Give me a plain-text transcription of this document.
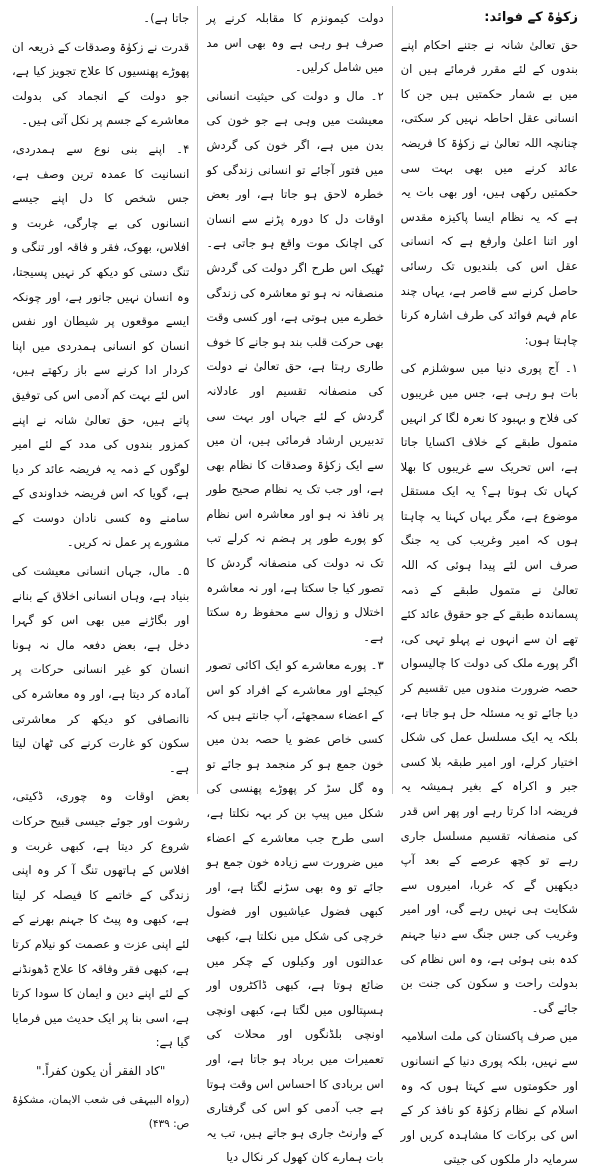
زکوٰۃ کے فوائد:

حق تعالیٰ شانہ نے جتنے احکام اپنے بندوں کے لئے مقرر فرمائے ہیں ان میں بے شمار حکمتیں ہیں جن کا انسانی عقل احاطہ نہیں کر سکتی، چنانچہ اللہ تعالیٰ نے زکوٰۃ کا فریضہ عائد کرنے میں بھی بہت سی حکمتیں رکھی ہیں، اور بھی بات یہ ہے کہ یہ نظام ایسا پاکیزہ مقدس اور اتنا اعلیٰ وارفع ہے کہ انسانی عقل اس کی بلندیوں تک رسائی حاصل کرنے سے قاصر ہے، یہاں چند عام فہم فوائد کی طرف اشارہ کرنا چاہتا ہوں:

۱۔ آج پوری دنیا میں سوشلزم کی بات ہو رہی ہے، جس میں غریبوں کی فلاح و بہبود کا نعرہ لگا کر انہیں متمول طبقے کے خلاف اکسایا جاتا ہے، اس تحریک سے غریبوں کا بھلا کہاں تک ہوتا ہے؟ یہ ایک مستقل موضوع ہے، مگر یہاں کہنا یہ چاہتا ہوں کہ امیر وغریب کی یہ جنگ صرف اس لئے پیدا ہوئی کہ اللہ تعالیٰ نے متمول طبقے کے ذمہ پسماندہ طبقے کے جو حقوق عائد کئے تھے ان سے انہوں نے پہلو تہی کی، اگر پورے ملک کی دولت کا چالیسواں حصہ ضرورت مندوں میں تقسیم کر دیا جائے تو یہ مسئلہ حل ہو جاتا ہے، بلکہ یہ ایک مسلسل عمل کی شکل اختیار کرلے، اور امیر طبقہ بلا کسی جبر و اکراہ کے بغیر ہمیشہ یہ فریضہ ادا کرتا رہے اور پھر اس قدر کی منصفانہ تقسیم مسلسل جاری رہے تو کچھ عرصے کے بعد آپ دیکھیں گے کہ غربا، امیروں سے شکایت ہی نہیں رہے گی، اور امیر وغریب کی جس جنگ سے دنیا جہنم کدہ بنی ہوئی ہے، وہ اس نظام کی بدولت راحت و سکون کی جنت بن جائے گی۔

میں صرف پاکستان کی ملت اسلامیہ سے نہیں، بلکہ پوری دنیا کے انسانوں اور حکومتوں سے کہتا ہوں کہ وہ اسلام کے نظام زکوٰۃ کو نافذ کر کے اس کی برکات کا مشاہدہ کریں اور سرمایہ دار ملکوں کی جیتی

دولت کیمونزم کا مقابلہ کرنے پر صرف ہو رہی ہے وہ بھی اس مد میں شامل کرلیں۔

۲۔ مال و دولت کی حیثیت انسانی معیشت میں وہی ہے جو خون کی بدن میں ہے، اگر خون کی گردش میں فتور آجائے تو انسانی زندگی کو خطرہ لاحق ہو جاتا ہے، اور بعض اوقات دل کا دورہ پڑنے سے انسان کی اچانک موت واقع ہو جاتی ہے۔ ٹھیک اس طرح اگر دولت کی گردش منصفانہ نہ ہو تو معاشرہ کی زندگی خطرے میں ہوتی ہے، اور کسی وقت بھی حرکت قلب بند ہو جانے کا خوف طاری رہتا ہے، حق تعالیٰ نے دولت کی منصفانہ تقسیم اور عادلانہ گردش کے لئے جہاں اور بہت سی تدبیریں ارشاد فرمائی ہیں، ان میں سے ایک زکوٰۃ وصدقات کا نظام بھی ہے، اور جب تک یہ نظام صحیح طور پر نافذ نہ ہو اور معاشرہ اس نظام کو پورے طور پر ہضم نہ کرلے تب تک نہ دولت کی منصفانہ گردش کا تصور کیا جا سکتا ہے، اور نہ معاشرہ اختلال و زوال سے محفوظ رہ سکتا ہے۔

۳۔ پورے معاشرے کو ایک اکائی تصور کیجئے اور معاشرے کے افراد کو اس کے اعضاء سمجھئے، آپ جانتے ہیں کہ کسی خاص عضو یا حصہ بدن میں خون جمع ہو کر منجمد ہو جائے تو وہ گل سڑ کر پھوڑے پھنسی کی شکل میں پیپ بن کر بہہ نکلتا ہے، اسی طرح جب معاشرے کے اعضاء میں ضرورت سے زیادہ خون جمع ہو جائے تو وہ بھی سڑنے لگتا ہے، اور کبھی فضول عیاشیوں اور فضول خرچی کی شکل میں نکلتا ہے، کبھی عدالتوں اور وکیلوں کے چکر میں ضائع ہوتا ہے، کبھی ڈاکٹروں اور ہسپتالوں میں لگتا ہے، کبھی اونچی اونچی بلڈنگوں اور محلات کی تعمیرات میں برباد ہو جاتا ہے، اور اس بربادی کا احساس اس وقت ہوتا ہے جب آدمی کو اس کی گرفتاری کے وارنٹ جاری ہو جاتے ہیں، تب یہ بات ہمارے کان کھول کر نکال دیا

جاتا ہے)۔

قدرت نے زکوٰۃ وصدقات کے ذریعہ ان پھوڑے پھنسیوں کا علاج تجویز کیا ہے، جو دولت کے انجماد کی بدولت معاشرے کے جسم پر نکل آتی ہیں۔

۴۔ اپنے بنی نوع سے ہمدردی، انسانیت کا عمدہ ترین وصف ہے، جس شخص کا دل اپنے جیسے انسانوں کی بے چارگی، غربت و افلاس، بھوک، فقر و فاقہ اور تنگی و تنگ دستی کو دیکھ کر نہیں پسیجتا، وہ انسان نہیں جانور ہے، اور چونکہ ایسے موقعوں پر شیطان اور نفس انسان کو انسانی ہمدردی میں اپنا کردار ادا کرنے سے باز رکھتے ہیں، اس لئے بہت کم آدمی اس کی توفیق پاتے ہیں، حق تعالیٰ شانہ نے اپنے کمزور بندوں کی مدد کے لئے امیر لوگوں کے ذمہ یہ فریضہ عائد کر دیا ہے، گویا کہ اس فریضہ خداوندی کے سامنے وہ کسی نادان دوست کے مشورے پر عمل نہ کریں۔

۵۔ مال، جہاں انسانی معیشت کی بنیاد ہے، وہاں انسانی اخلاق کے بنانے اور بگاڑنے میں بھی اس کو گہرا دخل ہے، بعض دفعہ مال نہ ہونا انسان کو غیر انسانی حرکات پر آمادہ کر دیتا ہے، اور وہ معاشرہ کی ناانصافی کو دیکھ کر معاشرتی سکون کو غارت کرنے کی ٹھان لیتا ہے۔

بعض اوقات وہ چوری، ڈکیتی، رشوت اور جوئے جیسی قبیح حرکات شروع کر دیتا ہے، کبھی غربت و افلاس کے ہاتھوں تنگ آ کر وہ اپنی زندگی کے خاتمے کا فیصلہ کر لیتا ہے، کبھی وہ پیٹ کا جہنم بھرنے کے لئے اپنی عزت و عصمت کو نیلام کرتا ہے، کبھی فقر وفاقہ کا علاج ڈھونڈنے کے لئے اپنے دین و ایمان کا سودا کرتا ہے، اسی بنا پر ایک حدیث میں فرمایا گیا ہے:

"كاد الفقر أن يكون كفراً."
(رواہ البیہقی فی شعب الایمان، مشکوٰۃ ص: ۴۳۹)
